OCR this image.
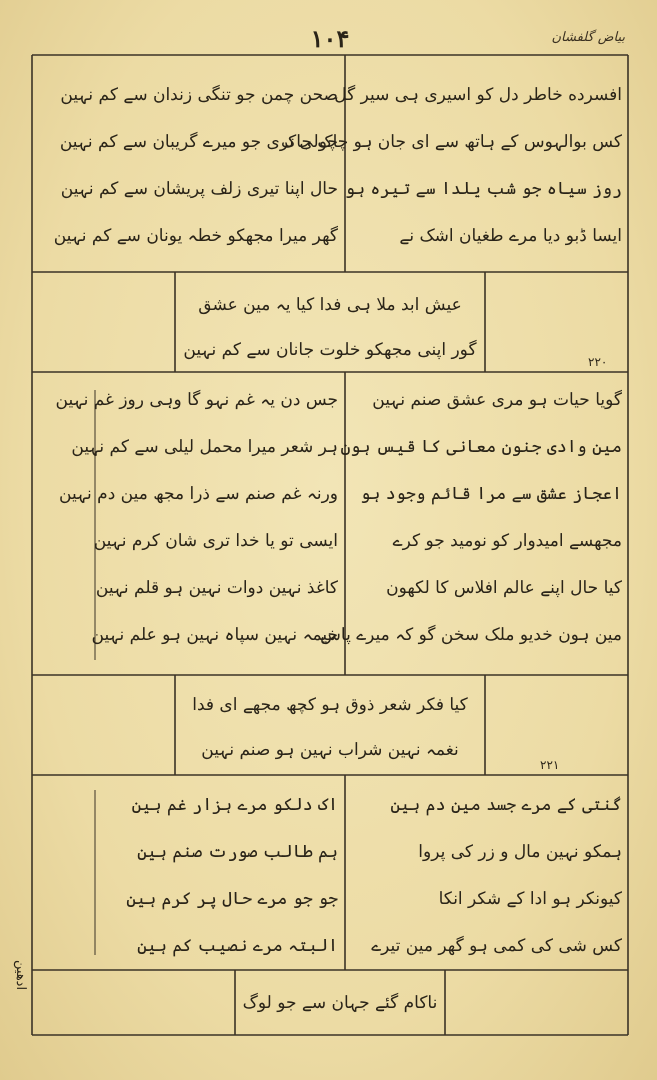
بیاض گلفشان
۱۰۴
افسرده خاطر دل کو اسیری ہی سیر گل
کس بوالہوس کے ہاتھ سے ای جان ہو چاک جاک
روز سیاہ جو شب یلدا سے تیرہ ہو
ایسا ڈبو دیا مرے طغیان اشک نے
صحن چمن جو تنگی زندان سے کم نہین
چولی تری جو میرے گریبان سے کم نہین
حال اپنا تیری زلف پریشان سے کم نہین
گھر میرا مجھکو خطہ یونان سے کم نہین
عیش ابد ملا ہی فدا کیا یہ مین عشق
گور اپنی مجھکو خلوت جانان سے کم نہین
۲۲۰
گویا حیات ہو مری عشق صنم نہین
مین وادی جنون معانی کا قیس ہون
اعجاز عشق سے مرا قائم وجود ہو
مجھسے امیدوار کو نومید جو کرے
کیا حال اپنے عالم افلاس کا لکھون
مین ہون خدیو ملک سخن گو کہ میرے پاس
جس دن یہ غم نہو گا وہی روز غم نہین
ہر شعر میرا محمل لیلی سے کم نہین
ورنہ غم صنم سے ذرا مجھ مین دم نہین
ایسی تو یا خدا تری شان کرم نہین
کاغذ نہین دوات نہین ہو قلم نہین
خیمہ نہین سپاہ نہین ہو علم نہین
کیا فکر شعر ذوق ہو کچھ مجھے ای فدا
نغمہ نہین شراب نہین ہو صنم نہین
۲۲۱
گنتی کے مرے جسد مین دم ہین
ہمکو نہین مال و زر کی پروا
کیونکر ہو ادا کے شکر انکا
کس شی کی کمی ہو گھر مین تیرے
اک دلکو مرے ہزار غم ہین
ہم طالب صورت صنم ہین
جو جو مرے حال پر کرم ہین
البتہ مرے نصیب کم ہین
ناکام گئے جہان سے جو لوگ
ادھین
